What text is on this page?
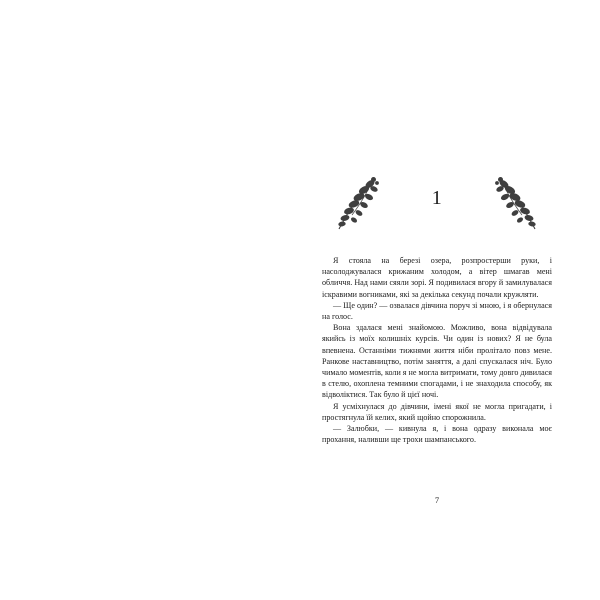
1

Я стояла на березі озера, розпростерши руки, і насолоджувалася крижаним холодом, а вітер шмагав мені обличчя. Над нами сяяли зорі. Я подивилася вгору й замилувалася іскравими вогниками, які за декілька секунд почали кружляти.

— Ще один? — озвалася дівчина поруч зі мною, і я обернулася на голос.

Вона здалася мені знайомою. Можливо, вона відвідувала якийсь із моїх колишніх курсів. Чи один із нових? Я не була впевнена. Останніми тижнями життя ніби пролітало повз мене. Ранкове наставництво, потім заняття, а далі спускалася ніч. Було чимало моментів, коли я не могла витримати, тому довго дивилася в стелю, охоплена темними спогадами, і не знаходила способу, як відволіктися. Так було й цієї ночі.

Я усміхнулася до дівчини, імені якої не могла пригадати, і простягнула їй келих, який щойно спорожнила.

— Залюбки, — кивнула я, і вона одразу виконала моє прохання, наливши ще трохи шампанського.

7
